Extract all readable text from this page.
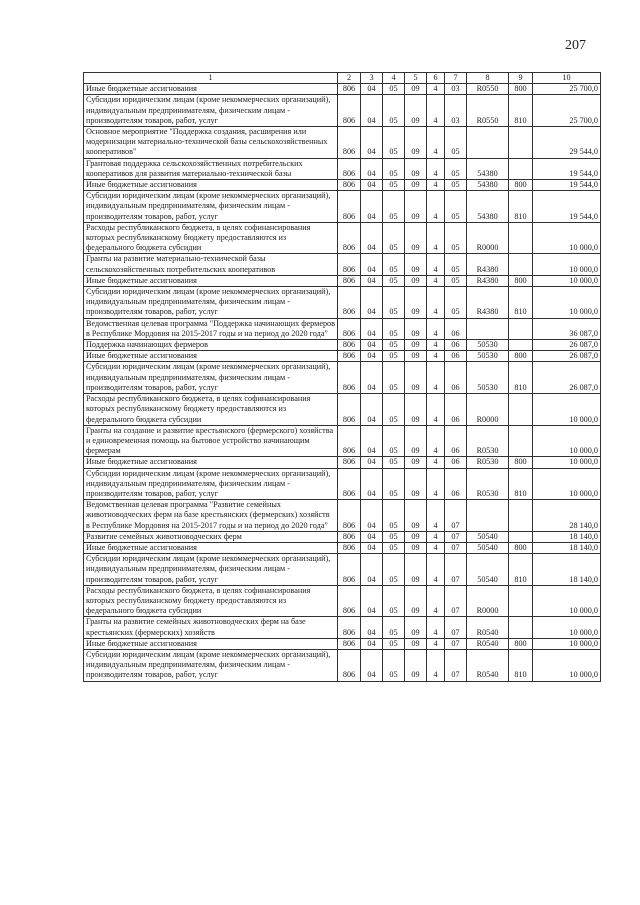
207
1	2	3	4	5	6	7	8	9	10
Иные бюджетные ассигнования	806	04	05	09	4	03	R0550	800	25 700,0
Субсидии юридическим лицам (кроме некоммерческих организаций), индивидуальным предпринимателям, физическим лицам - производителям товаров, работ, услуг	806	04	05	09	4	03	R0550	810	25 700,0
Основное мероприятие "Поддержка создания, расширения или модернизации материально-технической базы сельскохозяйственных кооперативов"	806	04	05	09	4	05			29 544,0
Грантовая поддержка сельскохозяйственных потребительских кооперативов для развития материально-технической базы	806	04	05	09	4	05	54380		19 544,0
Иные бюджетные ассигнования	806	04	05	09	4	05	54380	800	19 544,0
Субсидии юридическим лицам (кроме некоммерческих организаций), индивидуальным предпринимателям, физическим лицам - производителям товаров, работ, услуг	806	04	05	09	4	05	54380	810	19 544,0
Расходы республиканского бюджета, в целях софинансирования которых республиканскому бюджету предоставляются из федерального бюджета субсидии	806	04	05	09	4	05	R0000		10 000,0
Гранты на развитие материально-технической базы сельскохозяйственных потребительских кооперативов	806	04	05	09	4	05	R4380		10 000,0
Иные бюджетные ассигнования	806	04	05	09	4	05	R4380	800	10 000,0
Субсидии юридическим лицам (кроме некоммерческих организаций), индивидуальным предпринимателям, физическим лицам - производителям товаров, работ, услуг	806	04	05	09	4	05	R4380	810	10 000,0
Ведомственная целевая программа "Поддержка начинающих фермеров в Республике Мордовия на 2015-2017 годы и на период до 2020 года"	806	04	05	09	4	06			36 087,0
Поддержка начинающих фермеров	806	04	05	09	4	06	50530		26 087,0
Иные бюджетные ассигнования	806	04	05	09	4	06	50530	800	26 087,0
Субсидии юридическим лицам (кроме некоммерческих организаций), индивидуальным предпринимателям, физическим лицам - производителям товаров, работ, услуг	806	04	05	09	4	06	50530	810	26 087,0
Расходы республиканского бюджета, в целях софинансирования которых республиканскому бюджету предоставляются из федерального бюджета субсидии	806	04	05	09	4	06	R0000		10 000,0
Гранты на создание и развитие крестьянского (фермерского) хозяйства и единовременная помощь на бытовое устройство начинающим фермерам	806	04	05	09	4	06	R0530		10 000,0
Иные бюджетные ассигнования	806	04	05	09	4	06	R0530	800	10 000,0
Субсидии юридическим лицам (кроме некоммерческих организаций), индивидуальным предпринимателям, физическим лицам - производителям товаров, работ, услуг	806	04	05	09	4	06	R0530	810	10 000,0
Ведомственная целевая программа "Развитие семейных животноводческих ферм на базе крестьянских (фермерских) хозяйств в Республике Мордовия на 2015-2017 годы и на период до 2020 года"	806	04	05	09	4	07			28 140,0
Развитие семейных животноводческих ферм	806	04	05	09	4	07	50540		18 140,0
Иные бюджетные ассигнования	806	04	05	09	4	07	50540	800	18 140,0
Субсидии юридическим лицам (кроме некоммерческих организаций), индивидуальным предпринимателям, физическим лицам - производителям товаров, работ, услуг	806	04	05	09	4	07	50540	810	18 140,0
Расходы республиканского бюджета, в целях софинансирования которых республиканскому бюджету предоставляются из федерального бюджета субсидии	806	04	05	09	4	07	R0000		10 000,0
Гранты на развитие семейных животноводческих ферм на базе крестьянских (фермерских) хозяйств	806	04	05	09	4	07	R0540		10 000,0
Иные бюджетные ассигнования	806	04	05	09	4	07	R0540	800	10 000,0
Субсидии юридическим лицам (кроме некоммерческих организаций), индивидуальным предпринимателям, физическим лицам - производителям товаров, работ, услуг	806	04	05	09	4	07	R0540	810	10 000,0
